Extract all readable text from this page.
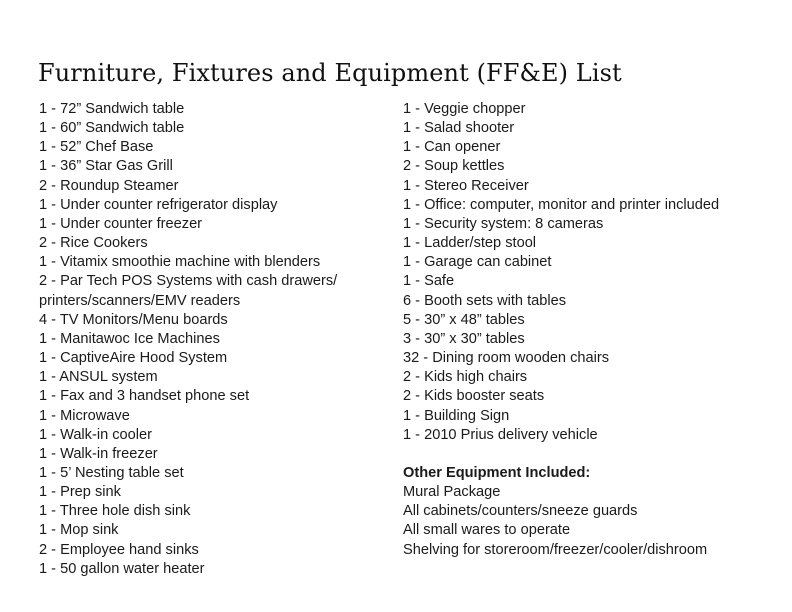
Furniture, Fixtures and Equipment (FF&E) List
1 - 72” Sandwich table
1 - 60” Sandwich table
1 - 52” Chef Base
1 - 36” Star Gas Grill
2 - Roundup Steamer
1 - Under counter refrigerator display
1 - Under counter freezer
2 - Rice Cookers
1 - Vitamix smoothie machine with blenders
2 - Par Tech POS Systems with cash drawers/
printers/scanners/EMV readers
4 - TV Monitors/Menu boards
1 - Manitawoc Ice Machines
1 - CaptiveAire Hood System
1 - ANSUL system
1 - Fax and 3 handset phone set
1 - Microwave
1 - Walk-in cooler
1 - Walk-in freezer
1 - 5’ Nesting table set
1 - Prep sink
1 - Three hole dish sink
1 - Mop sink
2 - Employee hand sinks
1 - 50 gallon water heater
1 - Veggie chopper
1 - Salad shooter
1 - Can opener
2 - Soup kettles
1 - Stereo Receiver
1 - Office: computer, monitor and printer included
1 - Security system: 8 cameras
1 - Ladder/step stool
1 - Garage can cabinet
1 - Safe
6 - Booth sets with tables
5 - 30” x 48” tables
3 - 30” x 30” tables
32 - Dining room wooden chairs
2 - Kids high chairs
2 - Kids booster seats
1 - Building Sign
1 - 2010 Prius delivery vehicle
Other Equipment Included:
Mural Package
All cabinets/counters/sneeze guards
All small wares to operate
Shelving for storeroom/freezer/cooler/dishroom
